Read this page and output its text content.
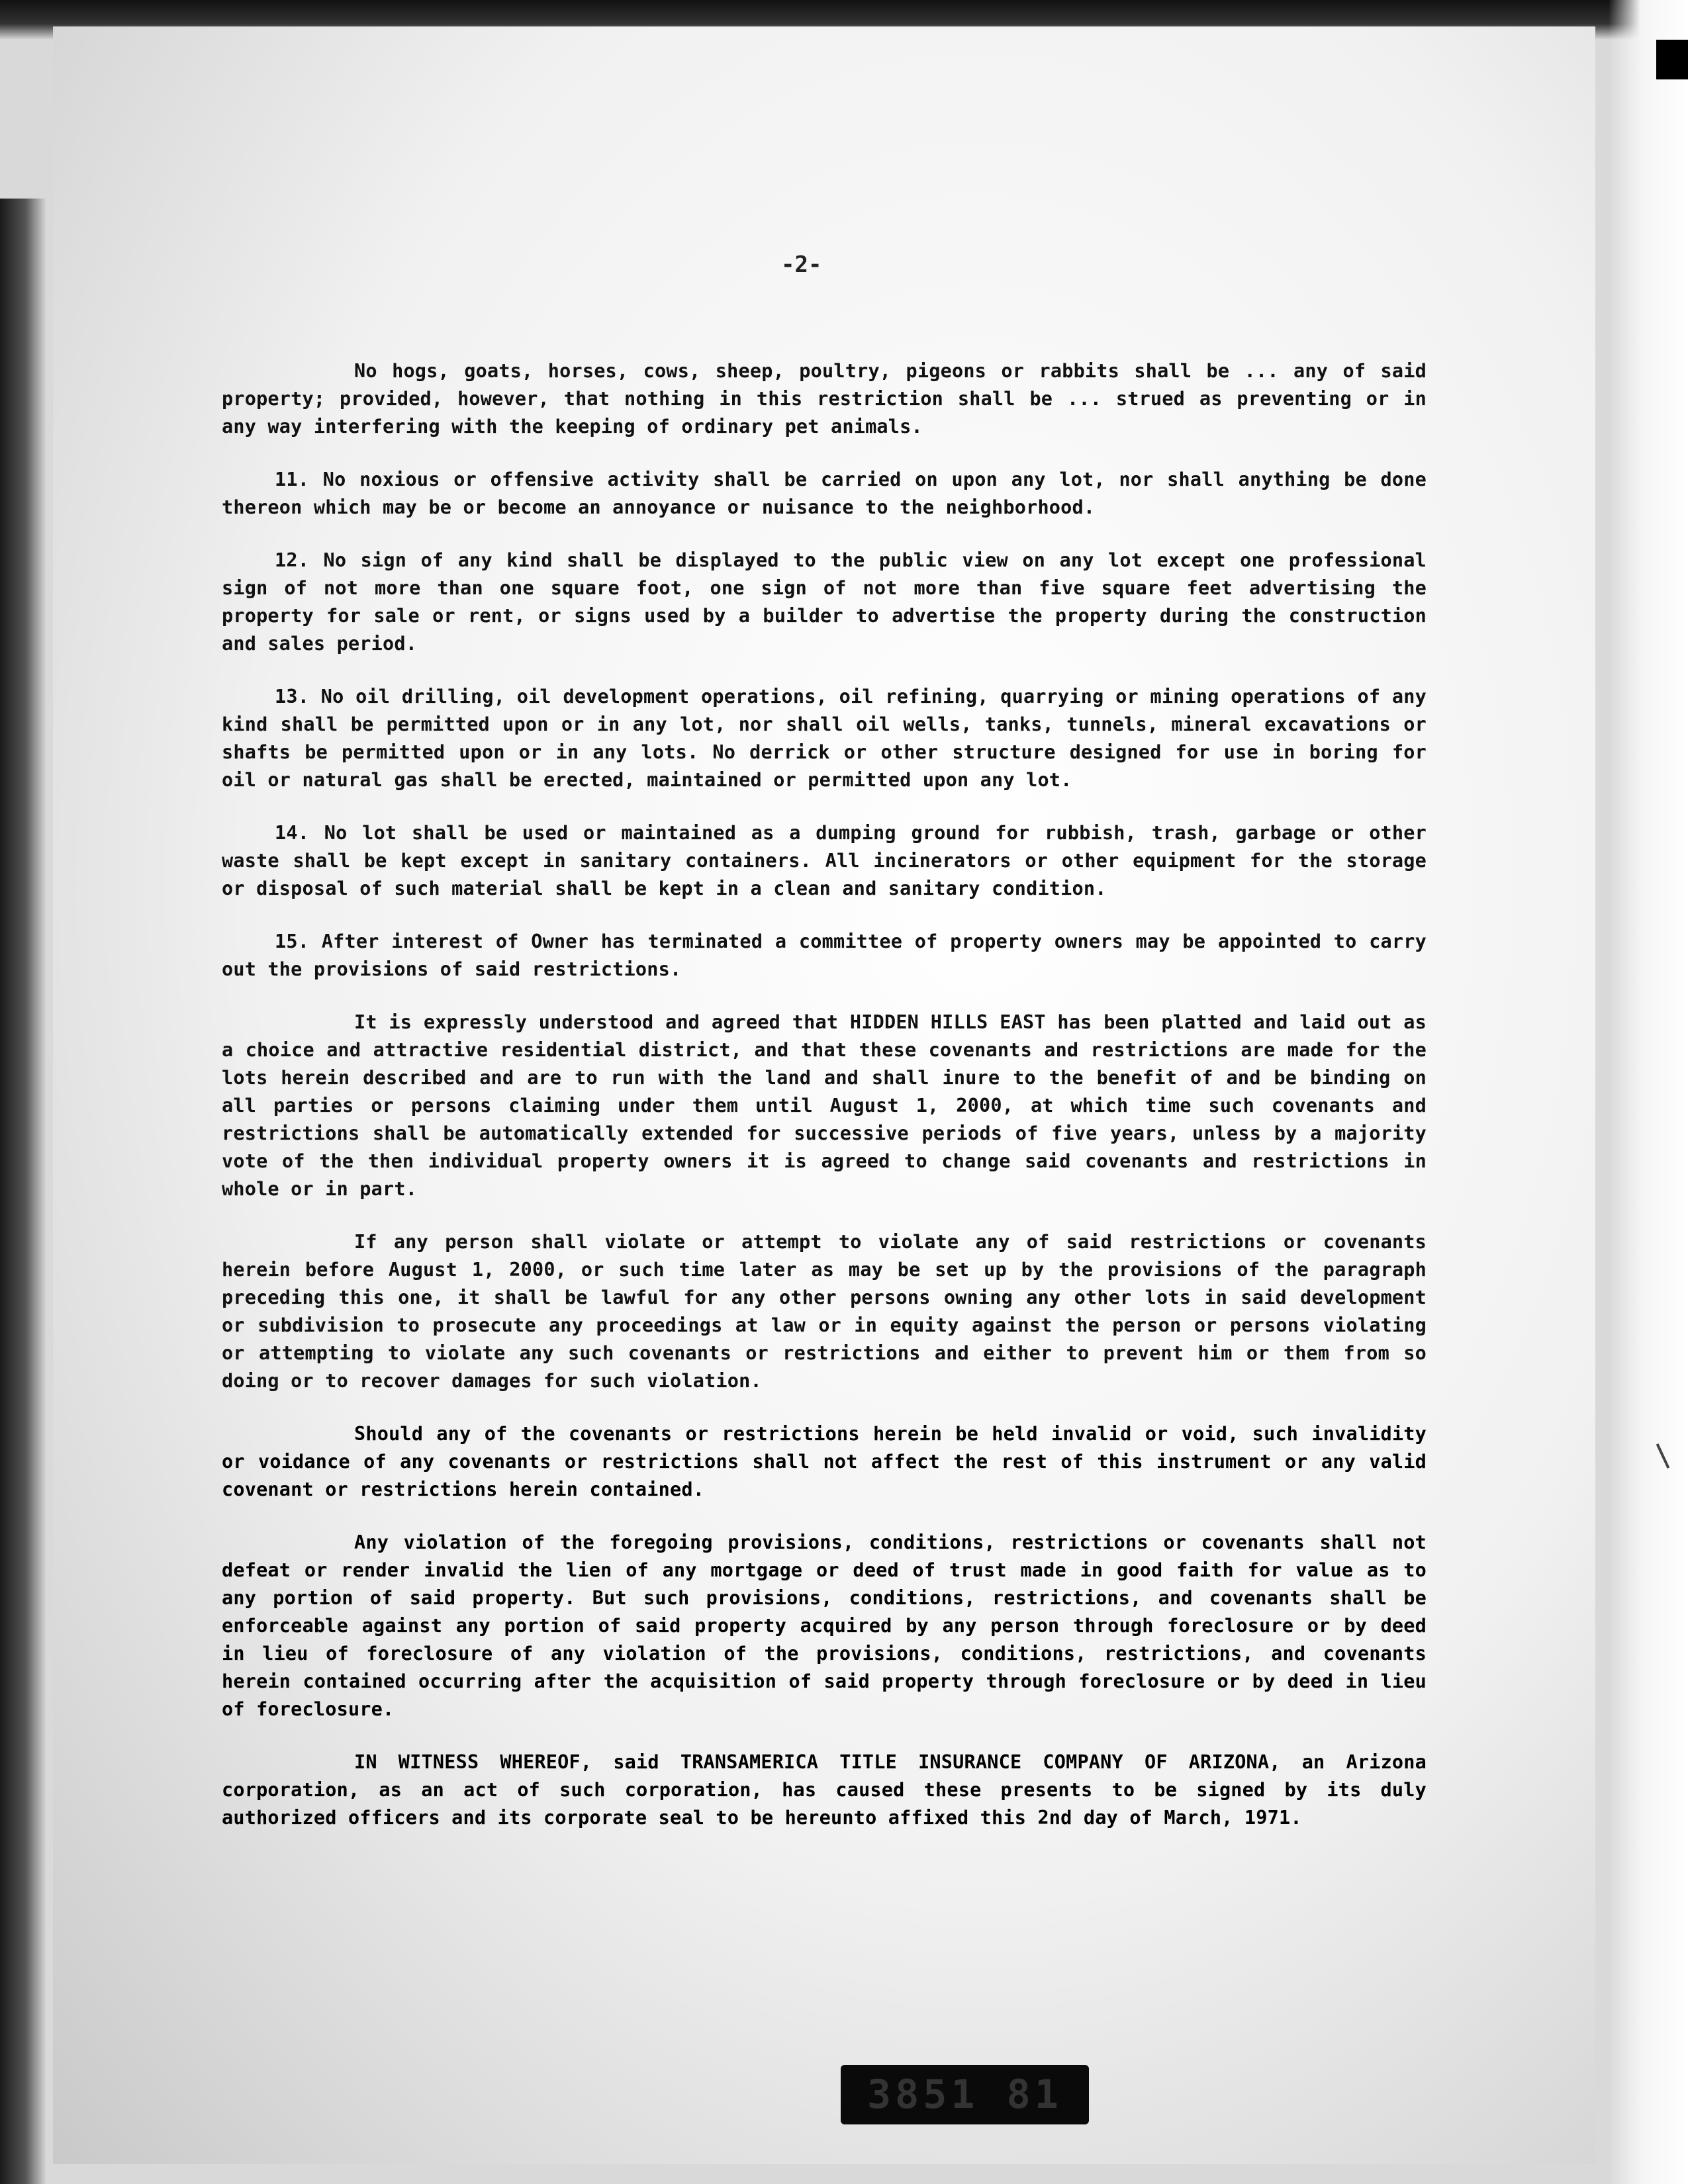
-2-

No hogs, goats, horses, cows, sheep, poultry, pigeons or rabbits shall be ... any of said property; provided, however, that nothing in this restriction shall be ... strued as preventing or in any way interfering with the keeping of ordinary pet animals.

11. No noxious or offensive activity shall be carried on upon any lot, nor shall anything be done thereon which may be or become an annoyance or nuisance to the neighborhood.

12. No sign of any kind shall be displayed to the public view on any lot except one professional sign of not more than one square foot, one sign of not more than five square feet advertising the property for sale or rent, or signs used by a builder to advertise the property during the construction and sales period.

13. No oil drilling, oil development operations, oil refining, quarrying or mining operations of any kind shall be permitted upon or in any lot, nor shall oil wells, tanks, tunnels, mineral excavations or shafts be permitted upon or in any lots. No derrick or other structure designed for use in boring for oil or natural gas shall be erected, maintained or permitted upon any lot.

14. No lot shall be used or maintained as a dumping ground for rubbish, trash, garbage or other waste shall be kept except in sanitary containers. All incinerators or other equipment for the storage or disposal of such material shall be kept in a clean and sanitary condition.

15. After interest of Owner has terminated a committee of property owners may be appointed to carry out the provisions of said restrictions.

It is expressly understood and agreed that HIDDEN HILLS EAST has been platted and laid out as a choice and attractive residential district, and that these covenants and restrictions are made for the lots herein described and are to run with the land and shall inure to the benefit of and be binding on all parties or persons claiming under them until August 1, 2000, at which time such covenants and restrictions shall be automatically extended for successive periods of five years, unless by a majority vote of the then individual property owners it is agreed to change said covenants and restrictions in whole or in part.

If any person shall violate or attempt to violate any of said restrictions or covenants herein before August 1, 2000, or such time later as may be set up by the provisions of the paragraph preceding this one, it shall be lawful for any other persons owning any other lots in said development or subdivision to prosecute any proceedings at law or in equity against the person or persons violating or attempting to violate any such covenants or restrictions and either to prevent him or them from so doing or to recover damages for such violation.

Should any of the covenants or restrictions herein be held invalid or void, such invalidity or voidance of any covenants or restrictions shall not affect the rest of this instrument or any valid covenant or restrictions herein contained.

Any violation of the foregoing provisions, conditions, restrictions or covenants shall not defeat or render invalid the lien of any mortgage or deed of trust made in good faith for value as to any portion of said property. But such provisions, conditions, restrictions, and covenants shall be enforceable against any portion of said property acquired by any person through foreclosure or by deed in lieu of foreclosure of any violation of the provisions, conditions, restrictions, and covenants herein contained occurring after the acquisition of said property through foreclosure or by deed in lieu of foreclosure.

IN WITNESS WHEREOF, said TRANSAMERICA TITLE INSURANCE COMPANY OF ARIZONA, an Arizona corporation, as an act of such corporation, has caused these presents to be signed by its duly authorized officers and its corporate seal to be hereunto affixed this 2nd day of March, 1971.

3851 81
